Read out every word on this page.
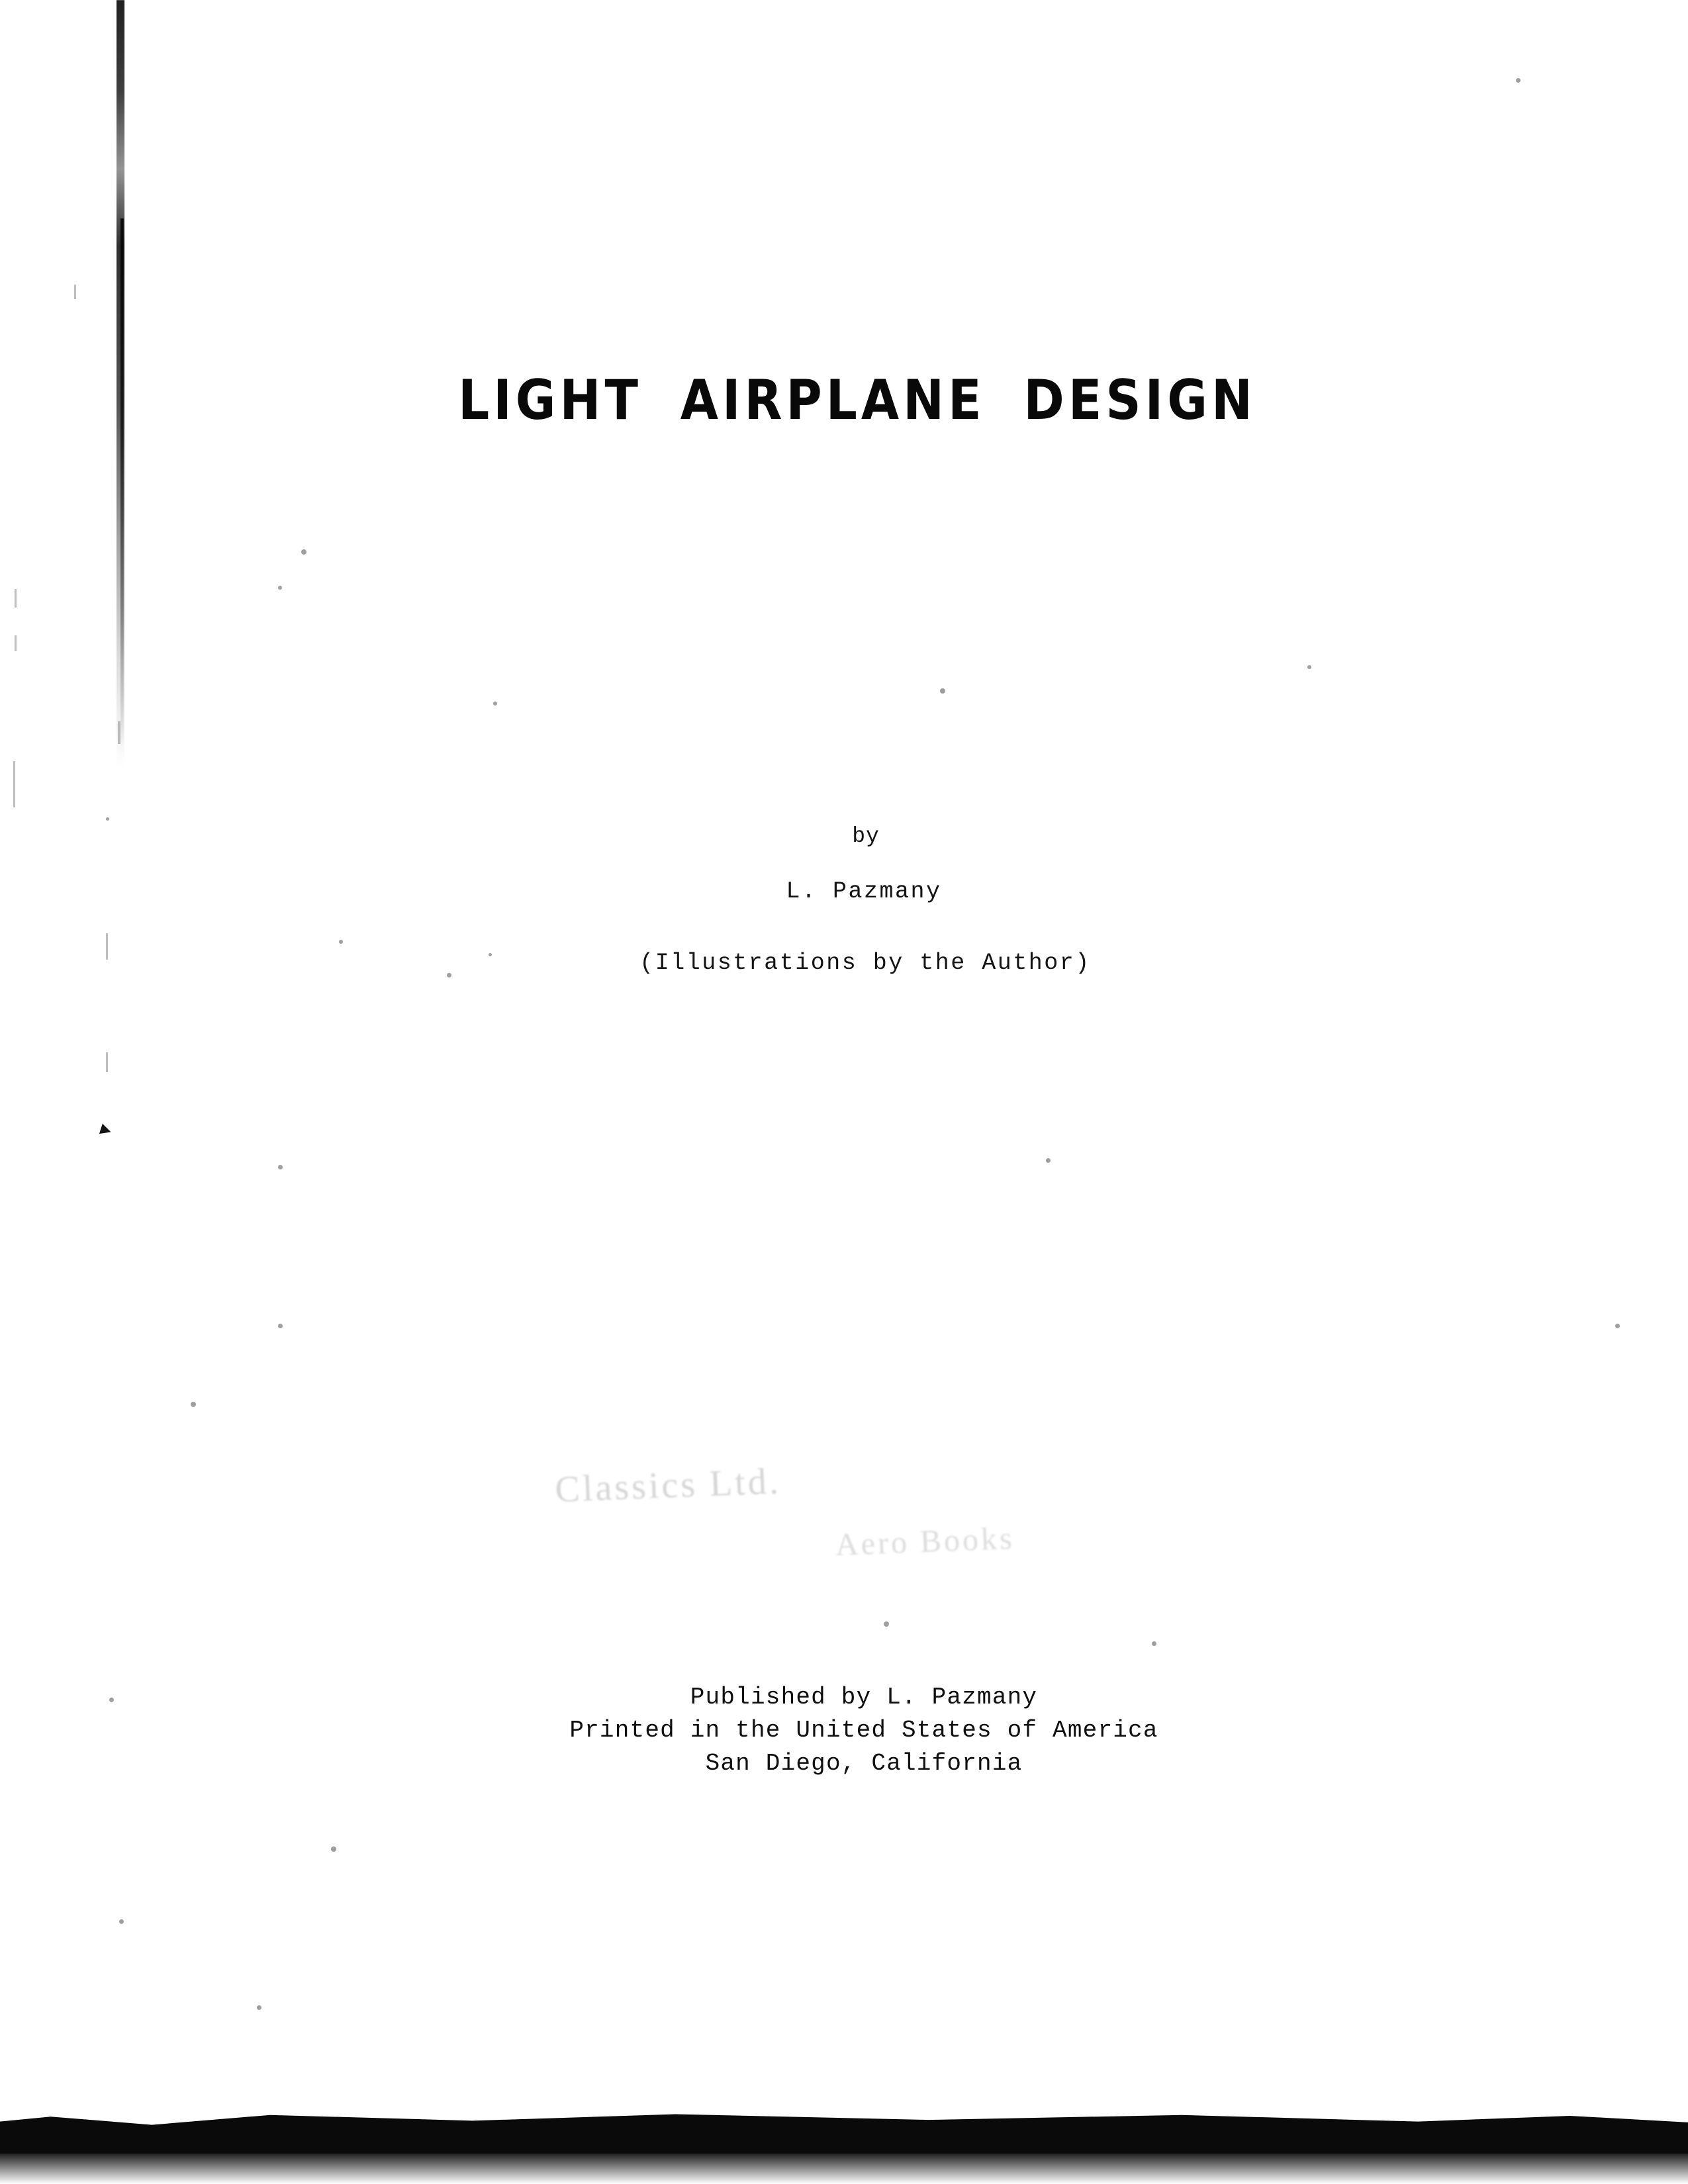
LIGHT AIRPLANE DESIGN
by
L. Pazmany
(Illustrations by the Author)
Classics Ltd.
Aero Books
Published by L. Pazmany
Printed in the United States of America
San Diego, California
